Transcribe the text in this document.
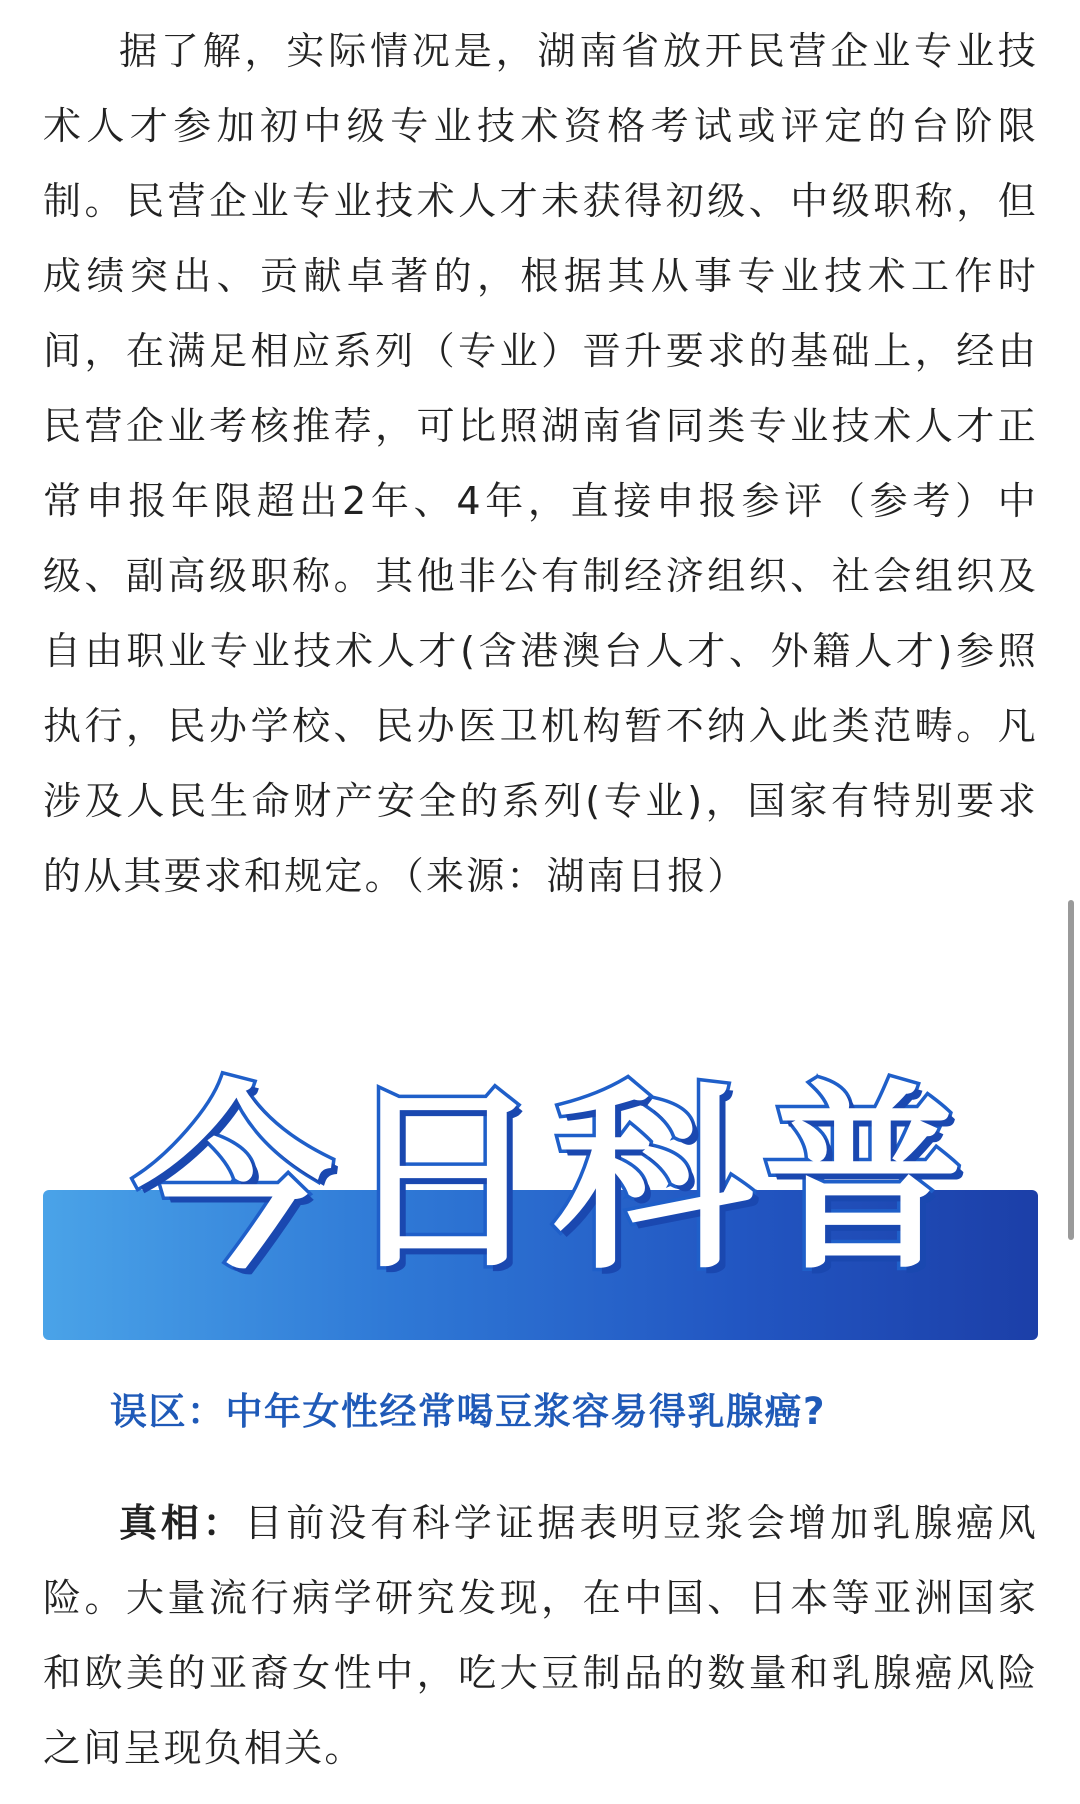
据了解，实际情况是，湖南省放开民营企业专业技术人才参加初中级专业技术资格考试或评定的台阶限制。民营企业专业技术人才未获得初级、中级职称，但成绩突出、贡献卓著的，根据其从事专业技术工作时间，在满足相应系列（专业）晋升要求的基础上，经由民营企业考核推荐，可比照湖南省同类专业技术人才正常申报年限超出2年、4年，直接申报参评（参考）中级、副高级职称。其他非公有制经济组织、社会组织及自由职业专业技术人才(含港澳台人才、外籍人才)参照执行，民办学校、民办医卫机构暂不纳入此类范畴。凡涉及人民生命财产安全的系列(专业)，国家有特别要求的从其要求和规定。（来源：湖南日报）

今日科普

误区：中年女性经常喝豆浆容易得乳腺癌?

真相：目前没有科学证据表明豆浆会增加乳腺癌风险。大量流行病学研究发现，在中国、日本等亚洲国家和欧美的亚裔女性中，吃大豆制品的数量和乳腺癌风险之间呈现负相关。
